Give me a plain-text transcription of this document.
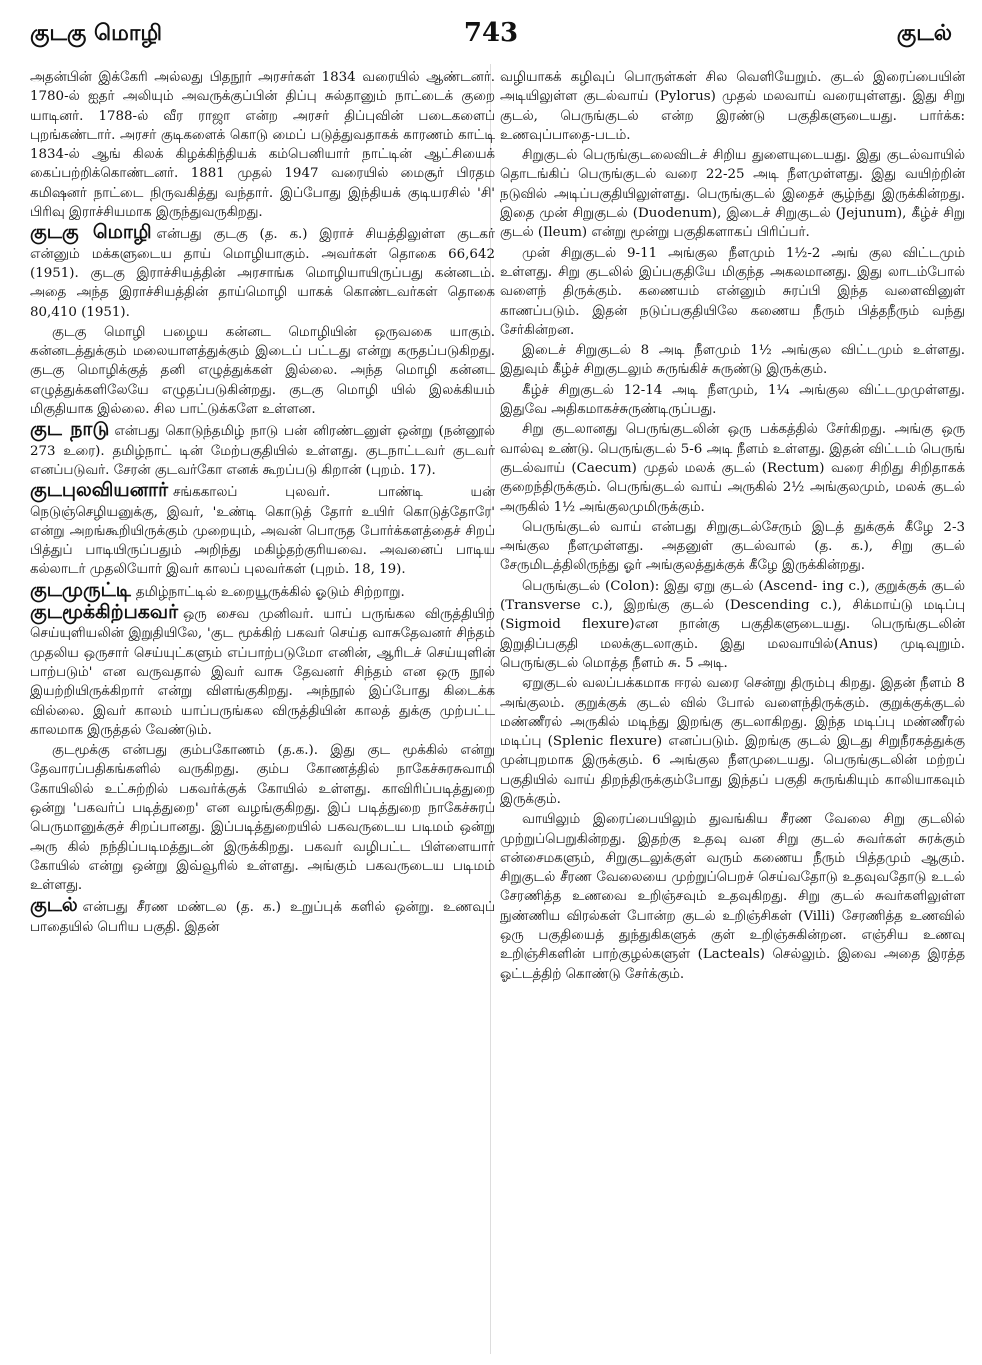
குடகு மொழி	743	குடல்

அதன்பின் இக்கேரி அல்லது பிதநூர் அரசர்கள் 1834 வரையில் ஆண்டனர். 1780-ல் ஐதர் அலியும் அவருக்குப்பின் திப்பு சுல்தானும் நாட்டைக் குறை யாடினர். 1788-ல் வீர ராஜா என்ற அரசர் திப்புவின் படைகளைப் புறங்கண்டார். அரசர் குடிகளைக் கொடு மைப் படுத்துவதாகக் காரணம் காட்டி 1834-ல் ஆங் கிலக் கிழக்கிந்தியக் கம்பெனியார் நாட்டின் ஆட்சியைக் கைப்பற்றிக்கொண்டனர். 1881 முதல் 1947 வரையில் மைசூர் பிரதம கமிஷனர் நாட்டை நிருவகித்து வந்தார். இப்போது இந்தியக் குடியரசில் 'சி' பிரிவு இராச்சியமாக இருந்துவருகிறது.

குடகு மொழி என்பது குடகு (த. க.) இராச் சியத்திலுள்ள குடகர் என்னும் மக்களுடைய தாய் மொழியாகும். அவர்கள் தொகை 66,642 (1951). குடகு இராச்சியத்தின் அரசாங்க மொழியாயிருப்பது கன்னடம். அதை அந்த இராச்சியத்தின் தாய்மொழி யாகக் கொண்டவர்கள் தொகை 80,410 (1951).

குடகு மொழி பழைய கன்னட மொழியின் ஒருவகை யாகும். கன்னடத்துக்கும் மலையாளத்துக்கும் இடைப் பட்டது என்று கருதப்படுகிறது. குடகு மொழிக்குத் தனி எழுத்துக்கள் இல்லை. அந்த மொழி கன்னட எழுத்துக்களிலேயே எழுதப்படுகின்றது. குடகு மொழி யில் இலக்கியம் மிகுதியாக இல்லை. சில பாட்டுக்களே உள்ளன.

குட நாடு என்பது கொடுந்தமிழ் நாடு பன் னிரண்டனுள் ஒன்று (நன்னூல் 273 உரை). தமிழ்நாட் டின் மேற்பகுதியில் உள்ளது. குடநாட்டவர் குடவர் எனப்படுவர். சேரன் குடவர்கோ எனக் கூறப்படு கிறான் (புறம். 17).

குடபுலவியனார் சங்ககாலப் புலவர். பாண்டி யன் நெடுஞ்செழியனுக்கு, இவர், 'உண்டி கொடுத் தோர் உயிர் கொடுத்தோரே' என்று அறங்கூறியிருக்கும் முறையும், அவன் பொருத போர்க்களத்தைச் சிறப் பித்துப் பாடியிருப்பதும் அறிந்து மகிழ்தற்குரியவை. அவனைப் பாடிய கல்லாடர் முதலியோர் இவர் காலப் புலவர்கள் (புறம். 18, 19).

குடமுருட்டி தமிழ்நாட்டில் உறையூருக்கில் ஓடும் சிற்றாறு.

குடமூக்கிற்பகவர் ஒரு சைவ முனிவர். யாப் பருங்கல விருத்தியிற் செய்யுளியலின் இறுதியிலே, 'குட மூக்கிற் பகவர் செய்த வாசுதேவனர் சிந்தம் முதலிய ஒருசார் செய்யுட்களும் எப்பாற்படுமோ எனின், ஆரிடச் செய்யுளின் பாற்படும்' என வருவதால் இவர் வாசு தேவனர் சிந்தம் என ஒரு நூல் இயற்றியிருக்கிறார் என்று விளங்குகிறது. அந்நூல் இப்போது கிடைக்க வில்லை. இவர் காலம் யாப்பருங்கல விருத்தியின் காலத் துக்கு முற்பட்ட காலமாக இருத்தல் வேண்டும்.

குடமூக்கு என்பது கும்பகோணம் (த.க.). இது குட மூக்கில் என்று தேவாரப்பதிகங்களில் வருகிறது. கும்ப கோணத்தில் நாகேச்சுரசுவாமி கோயிலில் உட்சுற்றில் பகவர்க்குக் கோயில் உள்ளது. காவிரிப்படித்துறை ஒன்று 'பகவர்ப் படித்துறை' என வழங்குகிறது. இப் படித்துறை நாகேச்சுரப் பெருமானுக்குச் சிறப்பானது. இப்படித்துறையில் பகவருடைய படிமம் ஒன்று அரு கில் நந்திப்படிமத்துடன் இருக்கிறது. பகவர் வழிபட்ட பிள்ளையார் கோயில் என்று ஒன்று இவ்வூரில் உள்ளது. அங்கும் பகவருடைய படிமம் உள்ளது.

குடல் என்பது சீரண மண்டல (த. க.) உறுப்புக் களில் ஒன்று. உணவுப் பாதையில் பெரிய பகுதி. இதன்

வழியாகக் கழிவுப் பொருள்கள் சில வெளியேறும். குடல் இரைப்பையின் அடியிலுள்ள குடல்வாய் (Pylorus) முதல் மலவாய் வரையுள்ளது. இது சிறு குடல், பெருங்குடல் என்ற இரண்டு பகுதிகளுடையது. பார்க்க: உணவுப்பாதை-படம்.

சிறுகுடல் பெருங்குடலைவிடச் சிறிய துளையுடையது. இது குடல்வாயில் தொடங்கிப் பெருங்குடல் வரை 22-25 அடி நீளமுள்ளது. இது வயிற்றின் நடுவில் அடிப்பகுதியிலுள்ளது. பெருங்குடல் இதைச் சூழ்ந்து இருக்கின்றது. இதை முன் சிறுகுடல் (Duodenum), இடைச் சிறுகுடல் (Jejunum), கீழ்ச் சிறு குடல் (Ileum) என்று மூன்று பகுதிகளாகப் பிரிப்பர்.

முன் சிறுகுடல் 9-11 அங்குல நீளமும் 1½-2 அங் குல விட்டமும் உள்ளது. சிறு குடலில் இப்பகுதியே மிகுந்த அகலமானது. இது லாடம்போல் வளைந் திருக்கும். கணையம் என்னும் சுரப்பி இந்த வளைவினுள் காணப்படும். இதன் நடுப்பகுதியிலே கணைய நீரும் பித்தநீரும் வந்து சேர்கின்றன.

இடைச் சிறுகுடல் 8 அடி நீளமும் 1½ அங்குல விட்டமும் உள்ளது. இதுவும் கீழ்ச் சிறுகுடலும் சுருங்கிச் சுருண்டு இருக்கும்.

கீழ்ச் சிறுகுடல் 12-14 அடி நீளமும், 1¼ அங்குல விட்டமுமுள்ளது. இதுவே அதிகமாகச்சுருண்டிருப்பது.

சிறு குடலானது பெருங்குடலின் ஒரு பக்கத்தில் சேர்கிறது. அங்கு ஒரு வால்வு உண்டு. பெருங்குடல் 5-6 அடி நீளம் உள்ளது. இதன் விட்டம் பெருங் குடல்வாய் (Caecum) முதல் மலக் குடல் (Rectum) வரை சிறிது சிறிதாகக் குறைந்திருக்கும். பெருங்குடல் வாய் அருகில் 2½ அங்குலமும், மலக் குடல் அருகில் 1½ அங்குலமுமிருக்கும்.

பெருங்குடல் வாய் என்பது சிறுகுடல்சேரும் இடத் துக்குக் கீழே 2-3 அங்குல நீளமுள்ளது. அதனுள் குடல்வால் (த. க.), சிறு குடல் சேருமிடத்திலிருந்து ஓர் அங்குலத்துக்குக் கீழே இருக்கின்றது.

பெருங்குடல் (Colon): இது ஏறு குடல் (Ascend- ing c.), குறுக்குக் குடல் (Transverse c.), இறங்கு குடல் (Descending c.), சிக்மாய்டு மடிப்பு (Sigmoid flexure)என நான்கு பகுதிகளுடையது. பெருங்குடலின் இறுதிப்பகுதி மலக்குடலாகும். இது மலவாயில்(Anus) முடிவுறும். பெருங்குடல் மொத்த நீளம் சு. 5 அடி.

ஏறுகுடல் வலப்பக்கமாக ஈரல் வரை சென்று திரும்பு கிறது. இதன் நீளம் 8 அங்குலம். குறுக்குக் குடல் வில் போல் வளைந்திருக்கும். குறுக்குக்குடல் மண்ணீரல் அருகில் மடிந்து இறங்கு குடலாகிறது. இந்த மடிப்பு மண்ணீரல் மடிப்பு (Splenic flexure) எனப்படும். இறங்கு குடல் இடது சிறுநீரகத்துக்கு முன்புறமாக இருக்கும். 6 அங்குல நீளமுடையது. பெருங்குடலின் மற்றப் பகுதியில் வாய் திறந்திருக்கும்போது இந்தப் பகுதி சுருங்கியும் காலியாகவும் இருக்கும்.

வாயிலும் இரைப்பையிலும் துவங்கிய சீரண வேலை சிறு குடலில் முற்றுப்பெறுகின்றது. இதற்கு உதவு வன சிறு குடல் சுவர்கள் சுரக்கும் என்சைமகளும், சிறுகுடலுக்குள் வரும் கணைய நீரும் பித்தமும் ஆகும். சிறுகுடல் சீரண வேலையை முற்றுப்பெறச் செய்வதோடு உதவுவதோடு உடல் சேரணித்த உணவை உறிஞ்சவும் உதவுகிறது. சிறு குடல் சுவர்களிலுள்ள நுண்ணிய விரல்கள் போன்ற குடல் உறிஞ்சிகள் (Villi) சேரணித்த உணவில் ஒரு பகுதியைத் துந்துகிகளுக் குள் உறிஞ்சுகின்றன. எஞ்சிய உணவு உறிஞ்சிகளின் பாற்குழல்களுள் (Lacteals) செல்லும். இவை அதை இரத்த ஓட்டத்திற் கொண்டு சேர்க்கும்.
